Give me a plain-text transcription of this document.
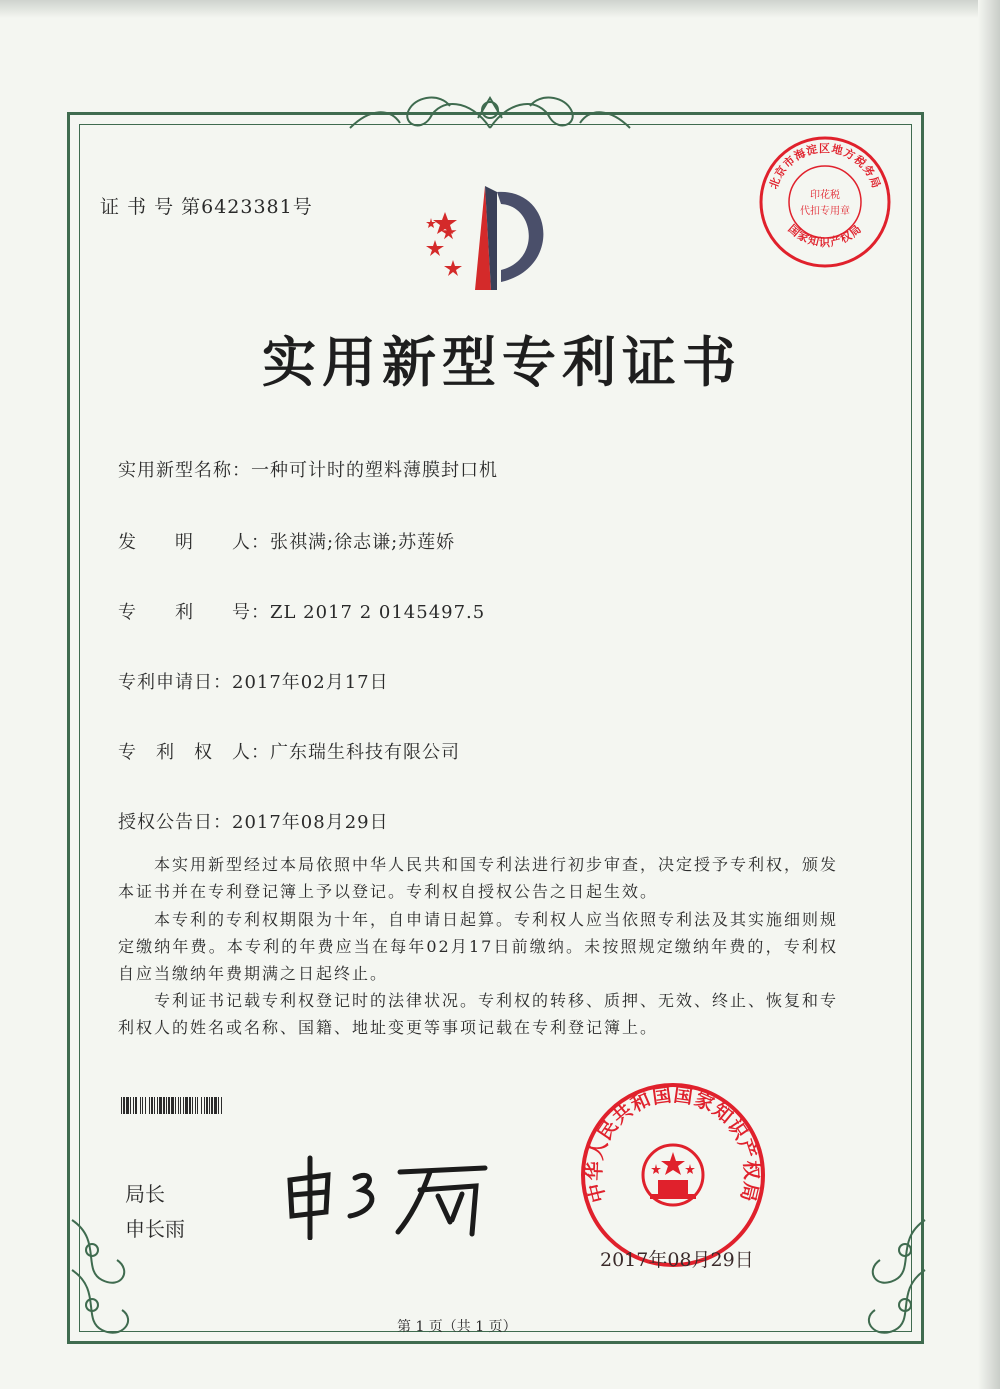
证 书 号 第6423381号
北京市海淀区地方税务局
国家知识产权局
印花税
代扣专用章
实用新型专利证书
实用新型名称：一种可计时的塑料薄膜封口机
发　　明　　人：张祺满;徐志谦;苏莲娇
专　　利　　号：ZL 2017 2 0145497.5
专利申请日：2017年02月17日
专　利　权　人：广东瑞生科技有限公司
授权公告日：2017年08月29日
　　本实用新型经过本局依照中华人民共和国专利法进行初步审查，决定授予专利权，颁发本证书并在专利登记簿上予以登记。专利权自授权公告之日起生效。
　　本专利的专利权期限为十年，自申请日起算。专利权人应当依照专利法及其实施细则规定缴纳年费。本专利的年费应当在每年02月17日前缴纳。未按照规定缴纳年费的，专利权自应当缴纳年费期满之日起终止。
　　专利证书记载专利权登记时的法律状况。专利权的转移、质押、无效、终止、恢复和专利权人的姓名或名称、国籍、地址变更等事项记载在专利登记簿上。
局长
申长雨
中华人民共和国国家知识产权局
2017年08月29日
第 1 页（共 1 页）
